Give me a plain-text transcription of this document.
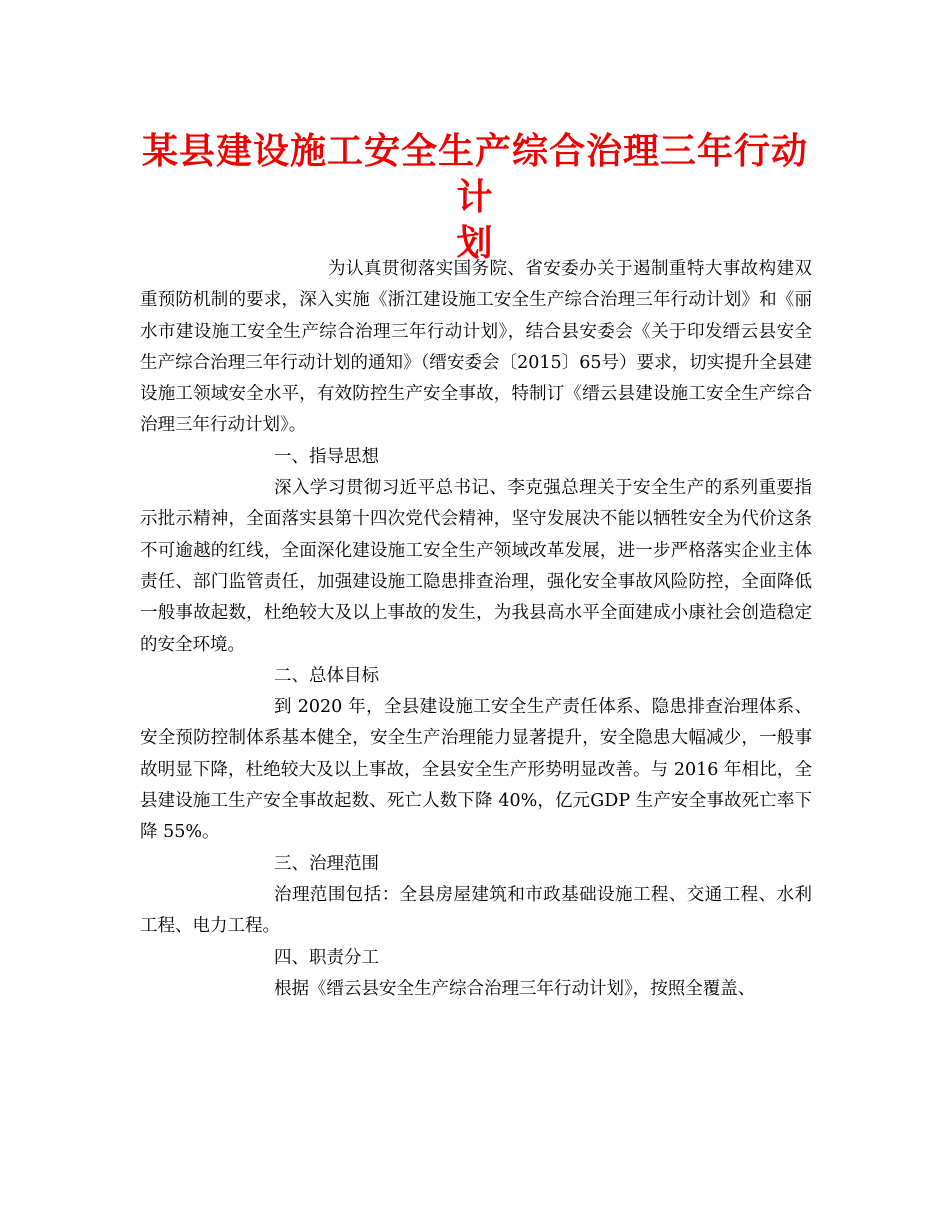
某县建设施工安全生产综合治理三年行动计
划

为认真贯彻落实国务院、省安委办关于遏制重特大事故构建双重预防机制的要求，深入实施《浙江建设施工安全生产综合治理三年行动计划》和《丽水市建设施工安全生产综合治理三年行动计划》，结合县安委会《关于印发缙云县安全生产综合治理三年行动计划的通知》（缙安委会〔2015〕65号）要求，切实提升全县建设施工领域安全水平，有效防控生产安全事故，特制订《缙云县建设施工安全生产综合治理三年行动计划》。

一、指导思想

深入学习贯彻习近平总书记、李克强总理关于安全生产的系列重要指示批示精神，全面落实县第十四次党代会精神，坚守发展决不能以牺牲安全为代价这条不可逾越的红线，全面深化建设施工安全生产领域改革发展，进一步严格落实企业主体责任、部门监管责任，加强建设施工隐患排查治理，强化安全事故风险防控，全面降低一般事故起数，杜绝较大及以上事故的发生，为我县高水平全面建成小康社会创造稳定的安全环境。

二、总体目标

到 2020 年，全县建设施工安全生产责任体系、隐患排查治理体系、安全预防控制体系基本健全，安全生产治理能力显著提升，安全隐患大幅减少，一般事故明显下降，杜绝较大及以上事故，全县安全生产形势明显改善。与 2016 年相比，全县建设施工生产安全事故起数、死亡人数下降 40%，亿元GDP 生产安全事故死亡率下降 55%。

三、治理范围

治理范围包括：全县房屋建筑和市政基础设施工程、交通工程、水利工程、电力工程。

四、职责分工

根据《缙云县安全生产综合治理三年行动计划》，按照全覆盖、
